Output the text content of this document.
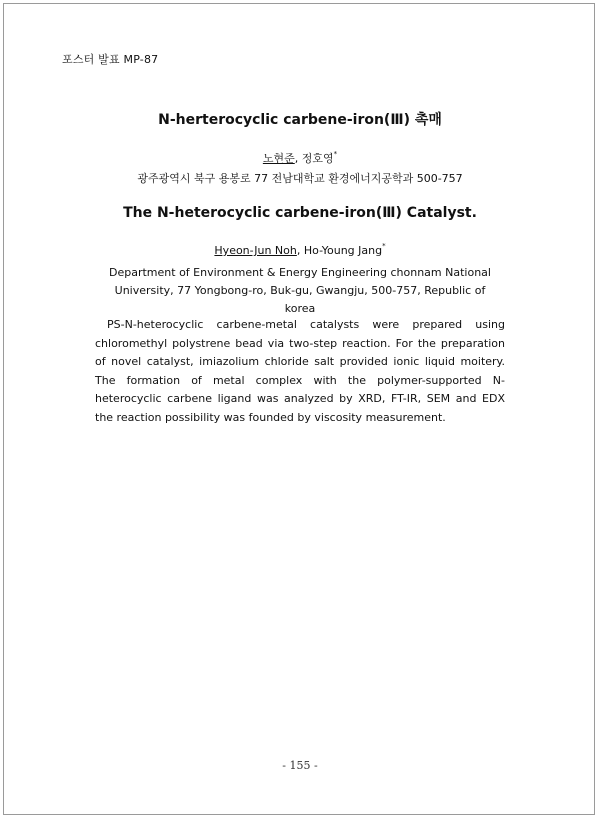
포스터 발표 MP-87
N-herterocyclic carbene-iron(Ⅲ) 촉매
노현준, 정호영*
광주광역시 북구 용봉로 77 전남대학교 환경에너지공학과 500-757
The N-heterocyclic carbene-iron(Ⅲ) Catalyst.
Hyeon-Jun Noh, Ho-Young Jang*
Department of Environment & Energy Engineering chonnam National
University, 77 Yongbong-ro, Buk-gu, Gwangju, 500-757, Republic of korea

PS-N-heterocyclic carbene-metal catalysts were prepared using chloromethyl polystrene bead via two-step reaction. For the preparation of novel catalyst, imiazolium chloride salt provided ionic liquid moitery. The formation of metal complex with the polymer-supported N-heterocyclic carbene ligand was analyzed by XRD, FT-IR, SEM and EDX the reaction possibility was founded by viscosity measurement.

- 155 -
